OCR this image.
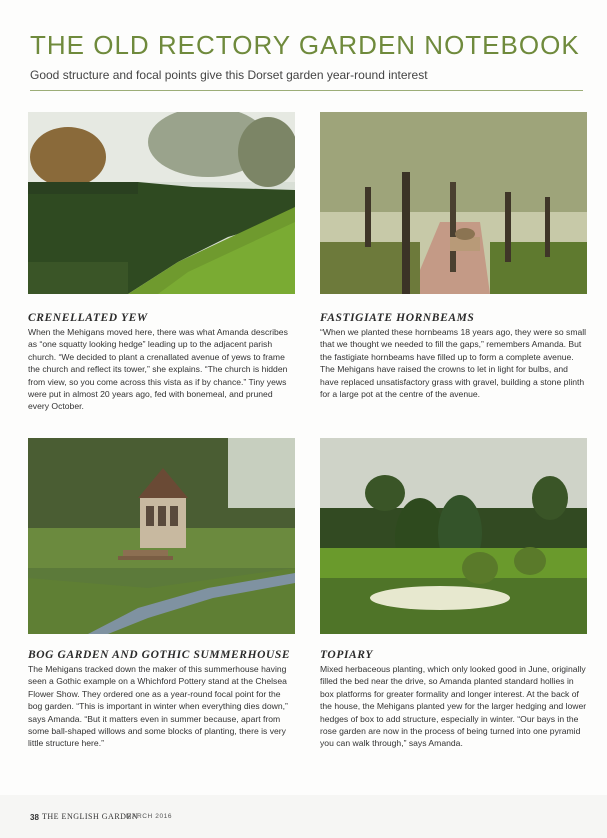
THE OLD RECTORY GARDEN NOTEBOOK
Good structure and focal points give this Dorset garden year-round interest
CRENELLATED YEW

When the Mehigans moved here, there was what Amanda describes as “one squatty looking hedge” leading up to the adjacent parish church. “We decided to plant a crenallated avenue of yews to frame the church and reflect its tower,” she explains. “The church is hidden from view, so you come across this vista as if by chance.” Tiny yews were put in almost 20 years ago, fed with bonemeal, and pruned every October.

FASTIGIATE HORNBEAMS

“When we planted these hornbeams 18 years ago, they were so small that we thought we needed to fill the gaps,” remembers Amanda. But the fastigiate hornbeams have filled up to form a complete avenue. The Mehigans have raised the crowns to let in light for bulbs, and have replaced unsatisfactory grass with gravel, building a stone plinth for a large pot at the centre of the avenue.

BOG GARDEN AND GOTHIC SUMMERHOUSE

The Mehigans tracked down the maker of this summerhouse having seen a Gothic example on a Whichford Pottery stand at the Chelsea Flower Show. They ordered one as a year-round focal point for the bog garden. “This is important in winter when everything dies down,” says Amanda. “But it matters even in summer because, apart from some ball-shaped willows and some blocks of planting, there is very little structure here.”

TOPIARY

Mixed herbaceous planting, which only looked good in June, originally filled the bed near the drive, so Amanda planted standard hollies in box platforms for greater formality and longer interest. At the back of the house, the Mehigans planted yew for the larger hedging and lower hedges of box to add structure, especially in winter. “Our bays in the rose garden are now in the process of being turned into one pyramid you can walk through,” says Amanda.

38 THE ENGLISH GARDEN
MARCH 2016
